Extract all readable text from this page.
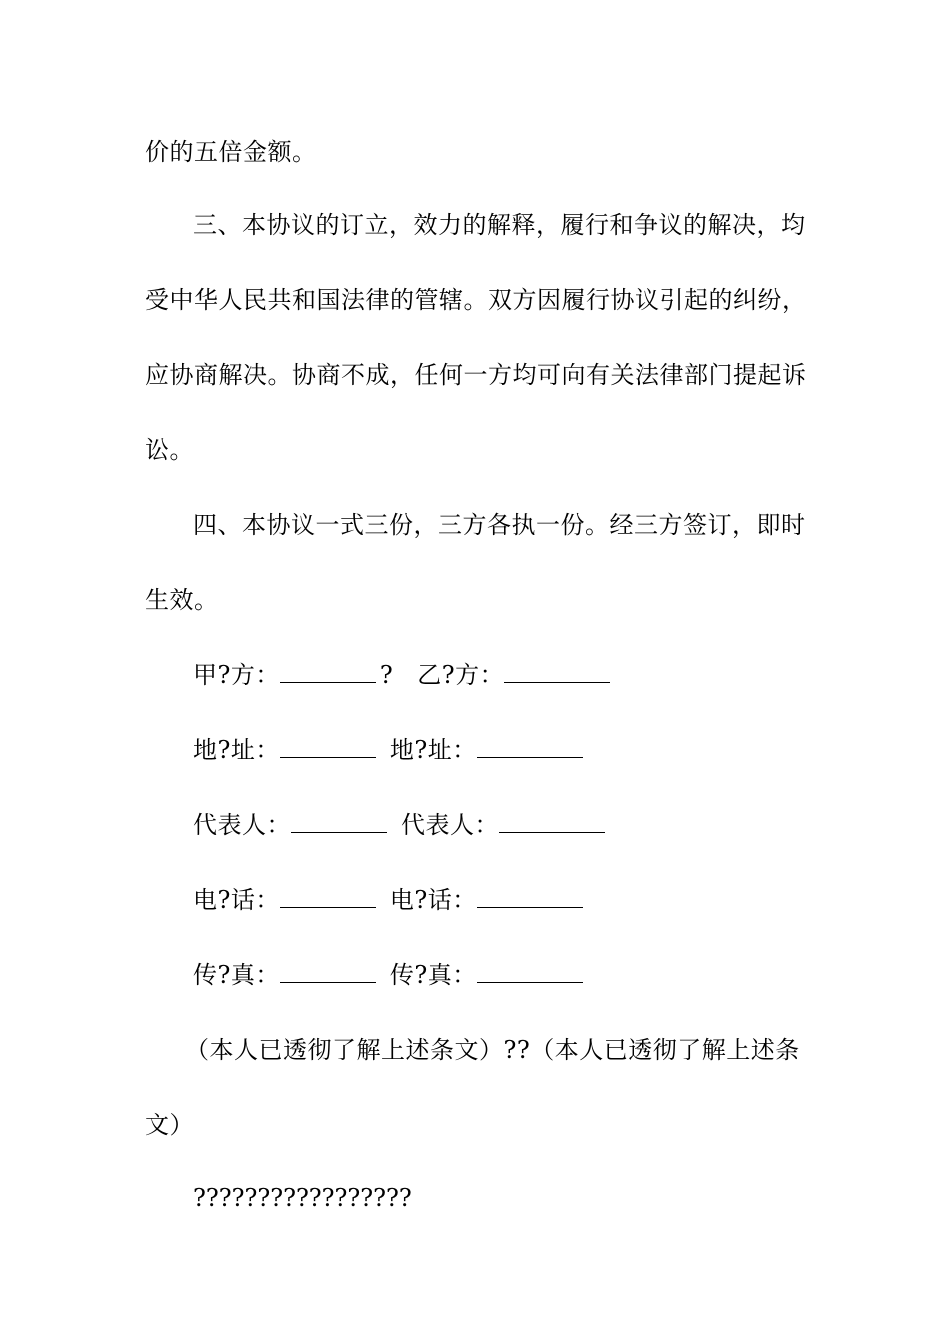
价的五倍金额。
三、本协议的订立，效力的解释，履行和争议的解决，均
受中华人民共和国法律的管辖。双方因履行协议引起的纠纷，
应协商解决。协商不成，任何一方均可向有关法律部门提起诉
讼。
四、本协议一式三份，三方各执一份。经三方签订，即时
生效。
甲?方：	? 乙?方：
地?址：	地?址：
代表人：	代表人：
电?话：	电?话：
传?真：	传?真：
（本人已透彻了解上述条文）??（本人已透彻了解上述条
文）
?????????????????
